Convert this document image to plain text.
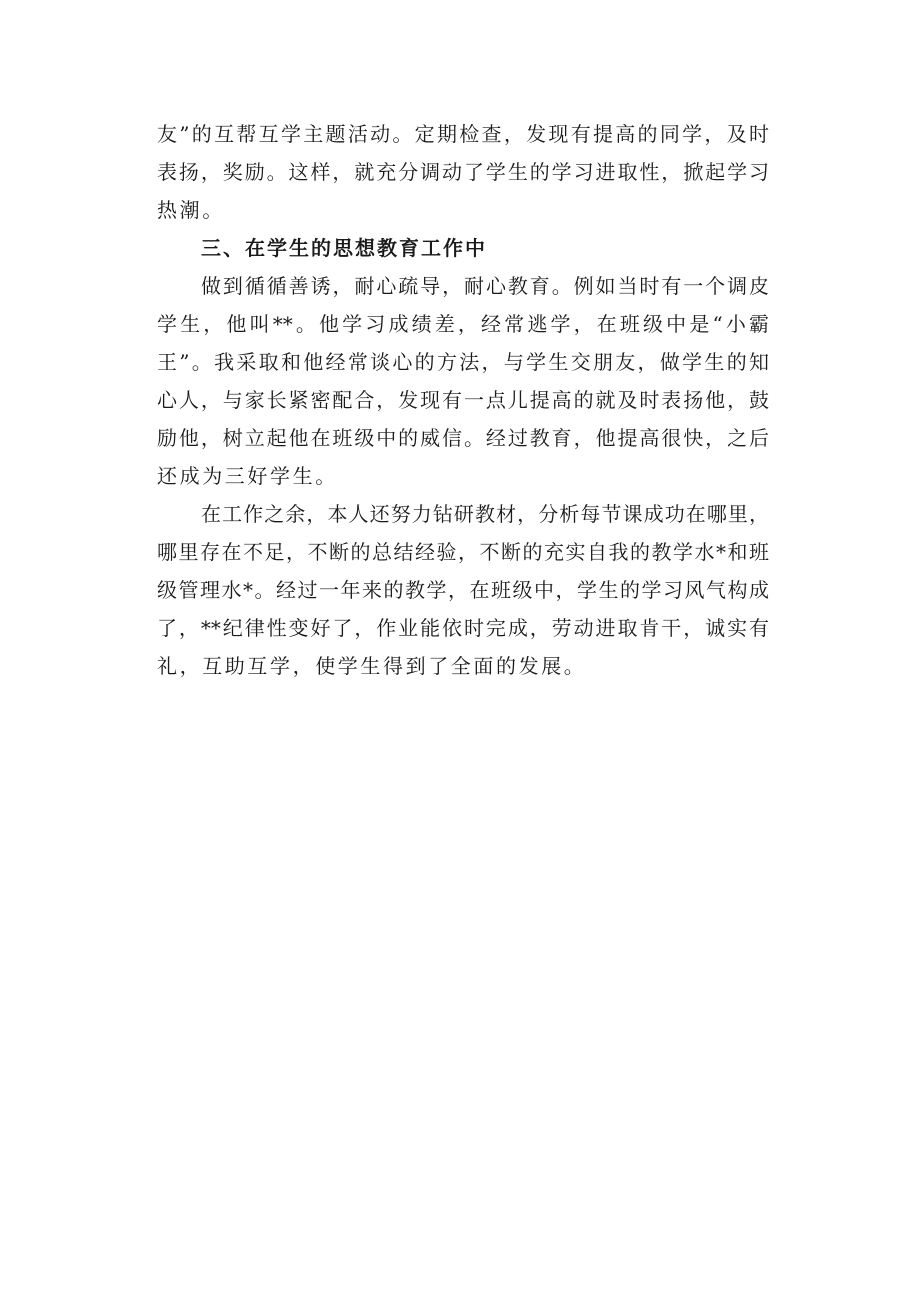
友”的互帮互学主题活动。定期检查，发现有提高的同学，及时
表扬，奖励。这样，就充分调动了学生的学习进取性，掀起学习
热潮。
三、在学生的思想教育工作中
做到循循善诱，耐心疏导，耐心教育。例如当时有一个调皮
学生，他叫**。他学习成绩差，经常逃学，在班级中是“小霸
王”。我采取和他经常谈心的方法，与学生交朋友，做学生的知
心人，与家长紧密配合，发现有一点儿提高的就及时表扬他，鼓
励他，树立起他在班级中的威信。经过教育，他提高很快，之后
还成为三好学生。
在工作之余，本人还努力钻研教材，分析每节课成功在哪里，
哪里存在不足，不断的总结经验，不断的充实自我的教学水*和班
级管理水*。经过一年来的教学，在班级中，学生的学习风气构成
了，**纪律性变好了，作业能依时完成，劳动进取肯干，诚实有
礼，互助互学，使学生得到了全面的发展。
